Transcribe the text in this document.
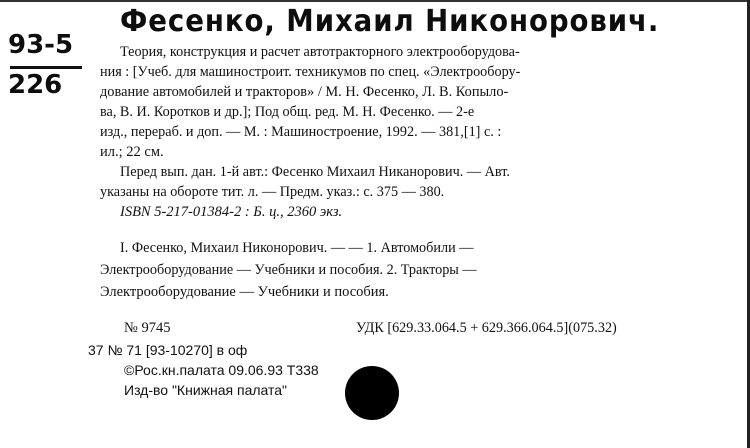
Фесенко, Михаил Никонорович.
93-5
226
Теория, конструкция и расчет автотракторного электрооборудова-
ния : [Учеб. для машиностроит. техникумов по спец. «Электрообору-
дование автомобилей и тракторов» / М. Н. Фесенко, Л. В. Копыло-
ва, В. И. Коротков и др.]; Под общ. ред. М. Н. Фесенко. — 2-е
изд., перераб. и доп. — М. : Машиностроение, 1992. — 381,[1] с. :
ил.; 22 см.
Перед вып. дан. 1-й авт.: Фесенко Михаил Никанорович. — Авт.
указаны на обороте тит. л. — Предм. указ.: с. 375 — 380.
ISBN 5-217-01384-2 : Б. ц., 2360 экз.
I. Фесенко, Михаил Никонорович. — — 1. Автомобили —
Электрооборудование — Учебники и пособия. 2. Тракторы —
Электрооборудование — Учебники и пособия.
№ 9745	УДК [629.33.064.5 + 629.366.064.5](075.32)
37 № 71 [93-10270] в оф
©Рос.кн.палата 09.06.93 Т338
Изд-во "Книжная палата"
